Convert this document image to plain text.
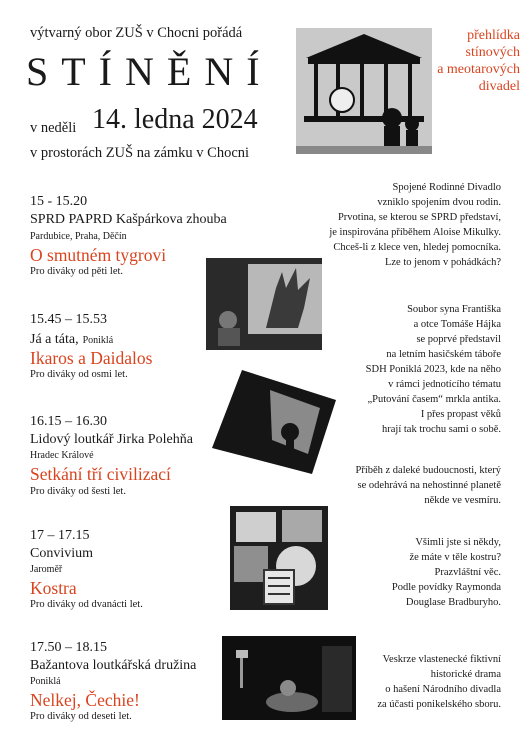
výtvarný obor ZUŠ v Chocni pořádá
STÍNĚNÍ
v neděli 14. ledna 2024
v prostorách ZUŠ na zámku v Chocni
přehlídka
stínových
a meotarových
divadel
15 - 15.20
SPRD PAPRD Kašpárkova zhouba
Pardubice, Praha, Děčín
O smutném tygrovi
Pro diváky od pěti let.
Spojené Rodinné Divadlo
vzniklo spojením dvou rodin.
Prvotina, se kterou se SPRD představí,
je inspirována příběhem Aloise Mikulky.
Chceš-li z klece ven, hledej pomocníka.
Lze to jenom v pohádkách?
15.45 – 15.53
Já a táta, Poniklá
Ikaros a Daidalos
Pro diváky od osmi let.
Soubor syna Františka
a otce Tomáše Hájka
se poprvé představil
na letním hasičském táboře
SDH Poniklá 2023, kde na něho
v rámci jednotícího tématu
„Putování časem“ mrkla antika.
I přes propast věků
hrají tak trochu sami o sobě.
16.15 – 16.30
Lidový loutkář Jirka Polehňa
Hradec Králové
Setkání tří civilizací
Pro diváky od šesti let.
Příběh z daleké budoucnosti, který
se odehrává na nehostinné planetě
někde ve vesmíru.
17 – 17.15
Convivium
Jaroměř
Kostra
Pro diváky od dvanácti let.
Všimli jste si někdy,
že máte v těle kostru?
Prazvláštní věc.
Podle povídky Raymonda
Douglase Bradburyho.
17.50 – 18.15
Bažantova loutkářská družina
Poniklá
Nelkej, Čechie!
Pro diváky od deseti let.
Veskrze vlastenecké fiktivní
historické drama
o hašení Národního divadla
za účasti ponikelského sboru.
